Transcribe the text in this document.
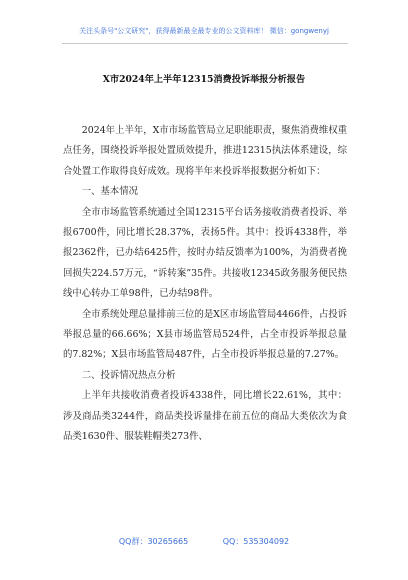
关注头条号"公文研究"，获得最新最全最专业的公文资料库！ 微信：gongwenyj
X市2024年上半年12315消费投诉举报分析报告

2024年上半年，X市市场监管局立足职能职责，聚焦消费维权重点任务，围绕投诉举报处置质效提升，推进12315执法体系建设，综合处置工作取得良好成效。现将半年来投诉举报数据分析如下：

一、基本情况

全市市场监管系统通过全国12315平台话务接收消费者投诉、举报6700件，同比增长28.37%，表扬5件。其中：投诉4338件，举报2362件，已办结6425件，按时办结反馈率为100%，为消费者挽回损失224.57万元，“诉转案”35件。共接收12345政务服务便民热线中心转办工单98件，已办结98件。

全市系统处理总量排前三位的是X区市场监管局4466件，占投诉举报总量的66.66%；X县市场监管局524件，占全市投诉举报总量的7.82%；X县市场监管局487件，占全市投诉举报总量的7.27%。

二、投诉情况热点分析

上半年共接收消费者投诉4338件，同比增长22.61%，其中：涉及商品类3244件，商品类投诉量排在前五位的商品大类依次为食品类1630件、服装鞋帽类273件、

QQ群：30265665	QQ：535304092
